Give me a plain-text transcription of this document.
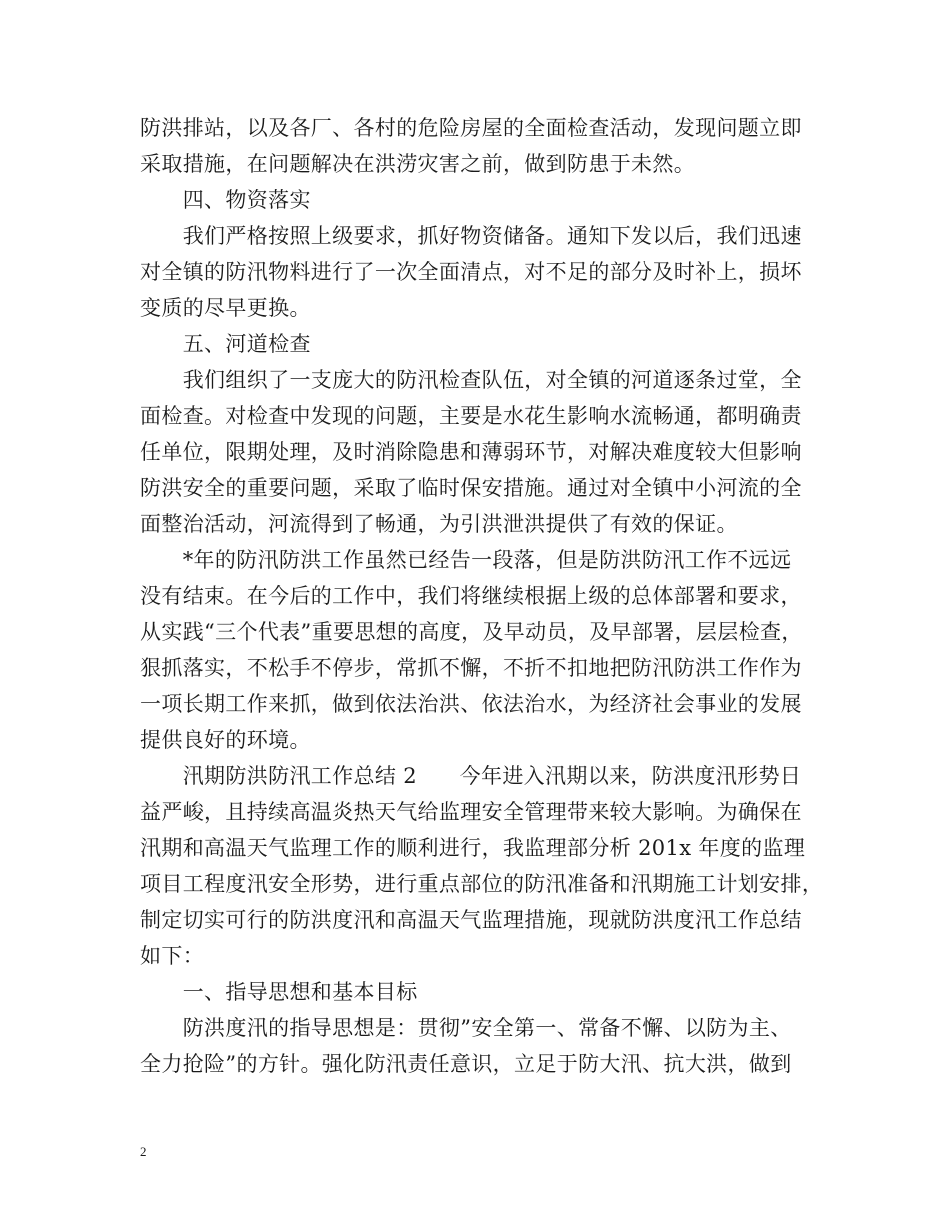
防洪排站，以及各厂、各村的危险房屋的全面检查活动，发现问题立即
采取措施，在问题解决在洪涝灾害之前，做到防患于未然。
　　四、物资落实
　　我们严格按照上级要求，抓好物资储备。通知下发以后，我们迅速
对全镇的防汛物料进行了一次全面清点，对不足的部分及时补上，损坏
变质的尽早更换。
　　五、河道检查
　　我们组织了一支庞大的防汛检查队伍，对全镇的河道逐条过堂，全
面检查。对检查中发现的问题，主要是水花生影响水流畅通，都明确责
任单位，限期处理，及时消除隐患和薄弱环节，对解决难度较大但影响
防洪安全的重要问题，采取了临时保安措施。通过对全镇中小河流的全
面整治活动，河流得到了畅通，为引洪泄洪提供了有效的保证。
　　*年的防汛防洪工作虽然已经告一段落，但是防洪防汛工作不远远
没有结束。在今后的工作中，我们将继续根据上级的总体部署和要求，
从实践“三个代表”重要思想的高度，及早动员，及早部署，层层检查，
狠抓落实，不松手不停步，常抓不懈，不折不扣地把防汛防洪工作作为
一项长期工作来抓，做到依法治洪、依法治水，为经济社会事业的发展
提供良好的环境。
　　汛期防洪防汛工作总结 2　　今年进入汛期以来，防洪度汛形势日
益严峻，且持续高温炎热天气给监理安全管理带来较大影响。为确保在
汛期和高温天气监理工作的顺利进行，我监理部分析 201x 年度的监理
项目工程度汛安全形势，进行重点部位的防汛准备和汛期施工计划安排，
制定切实可行的防洪度汛和高温天气监理措施，现就防洪度汛工作总结
如下：
　　一、指导思想和基本目标
　　防洪度汛的指导思想是：贯彻”安全第一、常备不懈、以防为主、
全力抢险”的方针。强化防汛责任意识，立足于防大汛、抗大洪，做到
2
